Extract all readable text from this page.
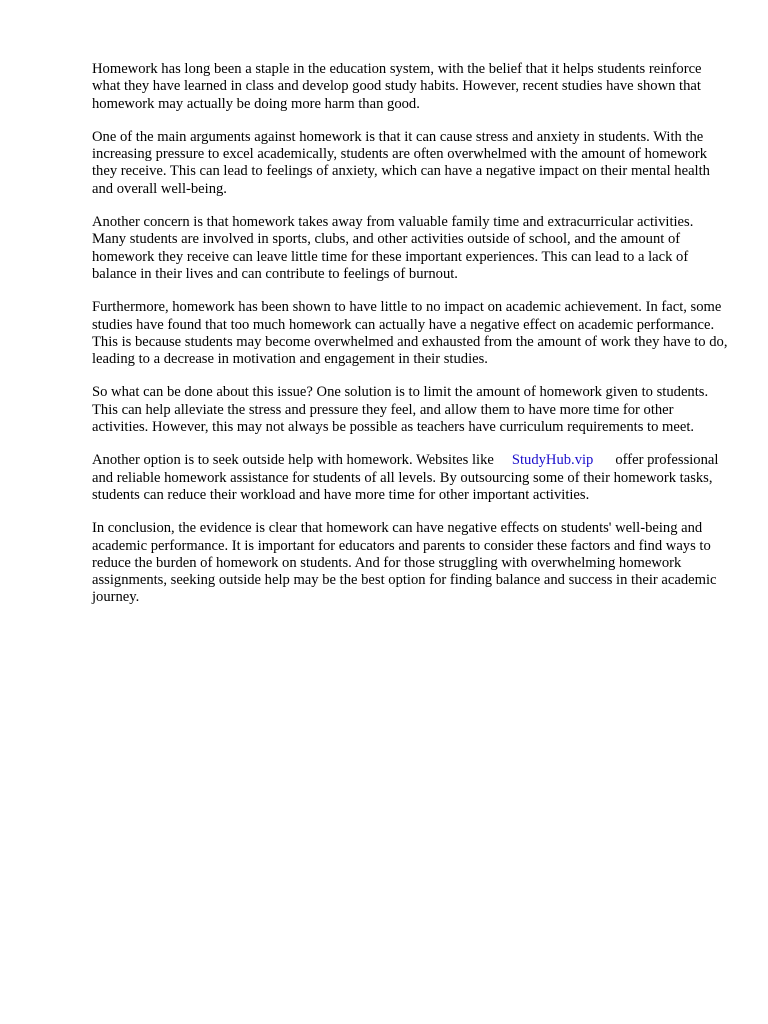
Homework has long been a staple in the education system, with the belief that it helps students reinforce what they have learned in class and develop good study habits. However, recent studies have shown that homework may actually be doing more harm than good.

One of the main arguments against homework is that it can cause stress and anxiety in students. With the increasing pressure to excel academically, students are often overwhelmed with the amount of homework they receive. This can lead to feelings of anxiety, which can have a negative impact on their mental health and overall well-being.

Another concern is that homework takes away from valuable family time and extracurricular activities. Many students are involved in sports, clubs, and other activities outside of school, and the amount of homework they receive can leave little time for these important experiences. This can lead to a lack of balance in their lives and can contribute to feelings of burnout.

Furthermore, homework has been shown to have little to no impact on academic achievement. In fact, some studies have found that too much homework can actually have a negative effect on academic performance. This is because students may become overwhelmed and exhausted from the amount of work they have to do, leading to a decrease in motivation and engagement in their studies.

So what can be done about this issue? One solution is to limit the amount of homework given to students. This can help alleviate the stress and pressure they feel, and allow them to have more time for other activities. However, this may not always be possible as teachers have curriculum requirements to meet.

Another option is to seek outside help with homework. Websites like StudyHub.vip offer professional and reliable homework assistance for students of all levels. By outsourcing some of their homework tasks, students can reduce their workload and have more time for other important activities.

In conclusion, the evidence is clear that homework can have negative effects on students' well-being and academic performance. It is important for educators and parents to consider these factors and find ways to reduce the burden of homework on students. And for those struggling with overwhelming homework assignments, seeking outside help may be the best option for finding balance and success in their academic journey.
